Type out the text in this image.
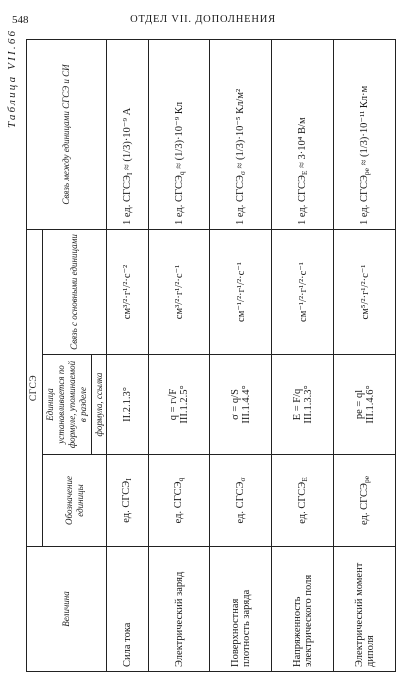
548	ОТДЕЛ VII. ДОПОЛНЕНИЯ
Таблица VII.66
Величина	СГСЭ			Связь между единицами СГСЭ и СИ
	Обозначение единицы	Единица устанавливается по формуле, упоминаемой в разделе	Связь с основными единицами	
		формула, ссылка		
Сила тока	ед. $СГСЭ_I$	II.2.1.3°	см³/²·г¹/²·с⁻²	1 ед. $СГСЭ_I \approx (1/3)\cdot 10^{-9}$ А
Электрический заряд	ед. $СГСЭ_q$	q = r√F III.1.2.5°	см³/²·г¹/²·с⁻¹	1 ед. $СГСЭ_q \approx (1/3)\cdot 10^{-9}$ Кл
Поверхностная плотность заряда	ед. $СГСЭ_\sigma$	σ = q/S III.1.4.4°	см⁻¹/²·г¹/²·с⁻¹	1 ед. $СГСЭ_\sigma \approx (1/3)\cdot 10^{-5}$ Кл/м²
Напряженность электрического поля	ед. $СГСЭ_E$	E = F/q III.1.3.3°	см⁻¹/²·г¹/²·с⁻¹	1 ед. $СГСЭ_E \approx 3\cdot 10^4$ В/м
Электрический момент диполя	ед. $СГСЭ_{pe}$	pe = ql III.1.4.6°	см⁵/²·г¹/²·с⁻¹	1 ед. $СГСЭ_{pe} \approx (1/3)\cdot 10^{-11}$ Кл·м
